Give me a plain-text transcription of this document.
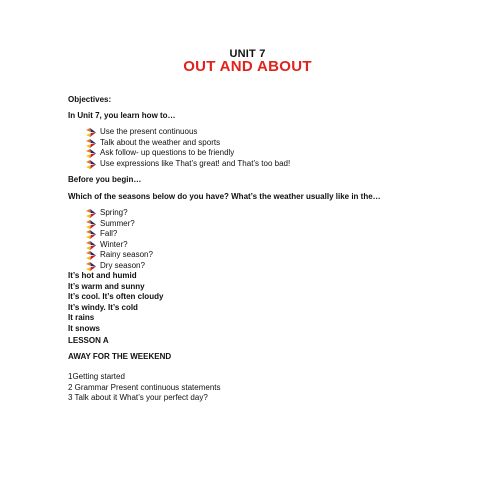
UNIT 7
OUT AND ABOUT
Objectives:
In Unit 7, you learn how to…
Use the present continuous
Talk about the weather and sports
Ask follow- up questions to be friendly
Use expressions like That’s great! and That’s too bad!
Before you begin…
Which of the seasons below do you have? What’s the weather usually like in the…
Spring?
Summer?
Fall?
Winter?
Rainy season?
Dry season?
It’s hot and humid
It’s warm and sunny
It’s cool. It’s often cloudy
It’s windy. It’s cold
It rains
It snows
LESSON A
AWAY FOR THE WEEKEND
1Getting started
2 Grammar Present continuous statements
3 Talk about it What’s your perfect day?
